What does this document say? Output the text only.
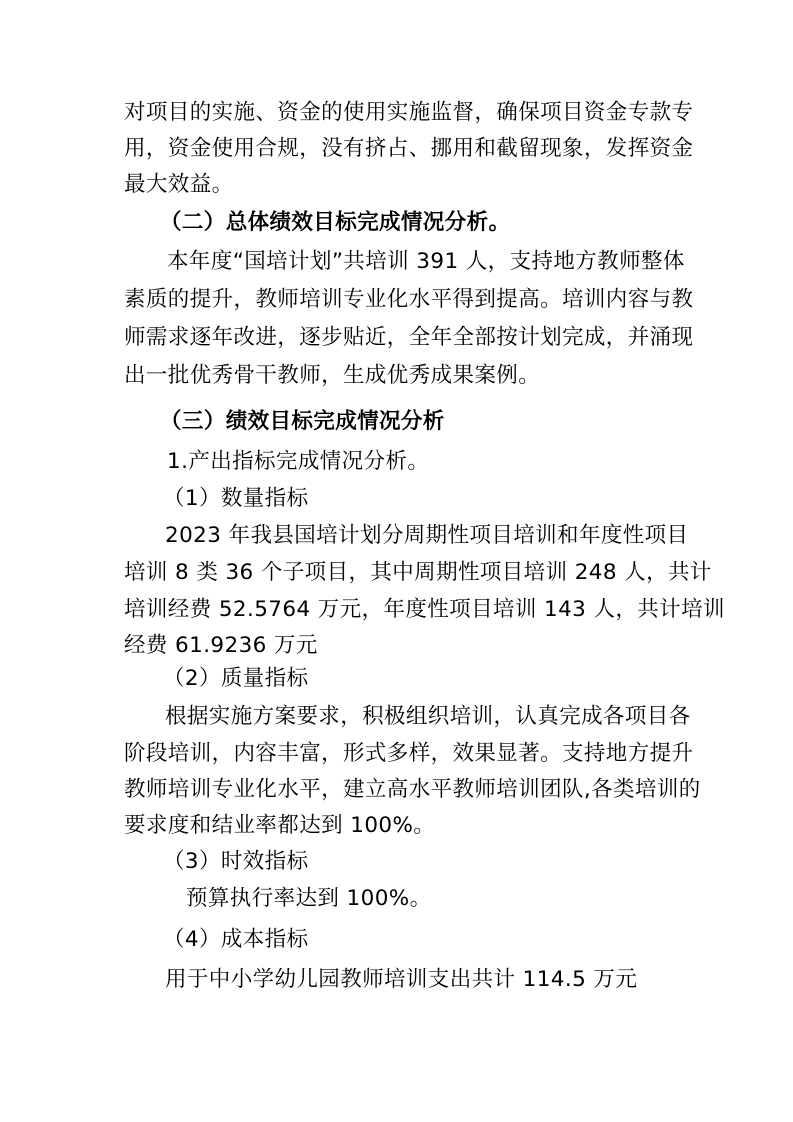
对项目的实施、资金的使用实施监督，确保项目资金专款专
用，资金使用合规，没有挤占、挪用和截留现象，发挥资金
最大效益。
（二）总体绩效目标完成情况分析。
本年度“国培计划”共培训 391 人，支持地方教师整体
素质的提升，教师培训专业化水平得到提高。培训内容与教
师需求逐年改进，逐步贴近，全年全部按计划完成，并涌现
出一批优秀骨干教师，生成优秀成果案例。
（三）绩效目标完成情况分析
1.产出指标完成情况分析。
（1）数量指标
2023 年我县国培计划分周期性项目培训和年度性项目
培训 8 类 36 个子项目，其中周期性项目培训 248 人，共计
培训经费 52.5764 万元，年度性项目培训 143 人，共计培训
经费 61.9236 万元
（2）质量指标
根据实施方案要求，积极组织培训，认真完成各项目各
阶段培训，内容丰富，形式多样，效果显著。支持地方提升
教师培训专业化水平，建立高水平教师培训团队,各类培训的
要求度和结业率都达到 100%。
（3）时效指标
预算执行率达到 100%。
（4）成本指标
用于中小学幼儿园教师培训支出共计 114.5 万元
